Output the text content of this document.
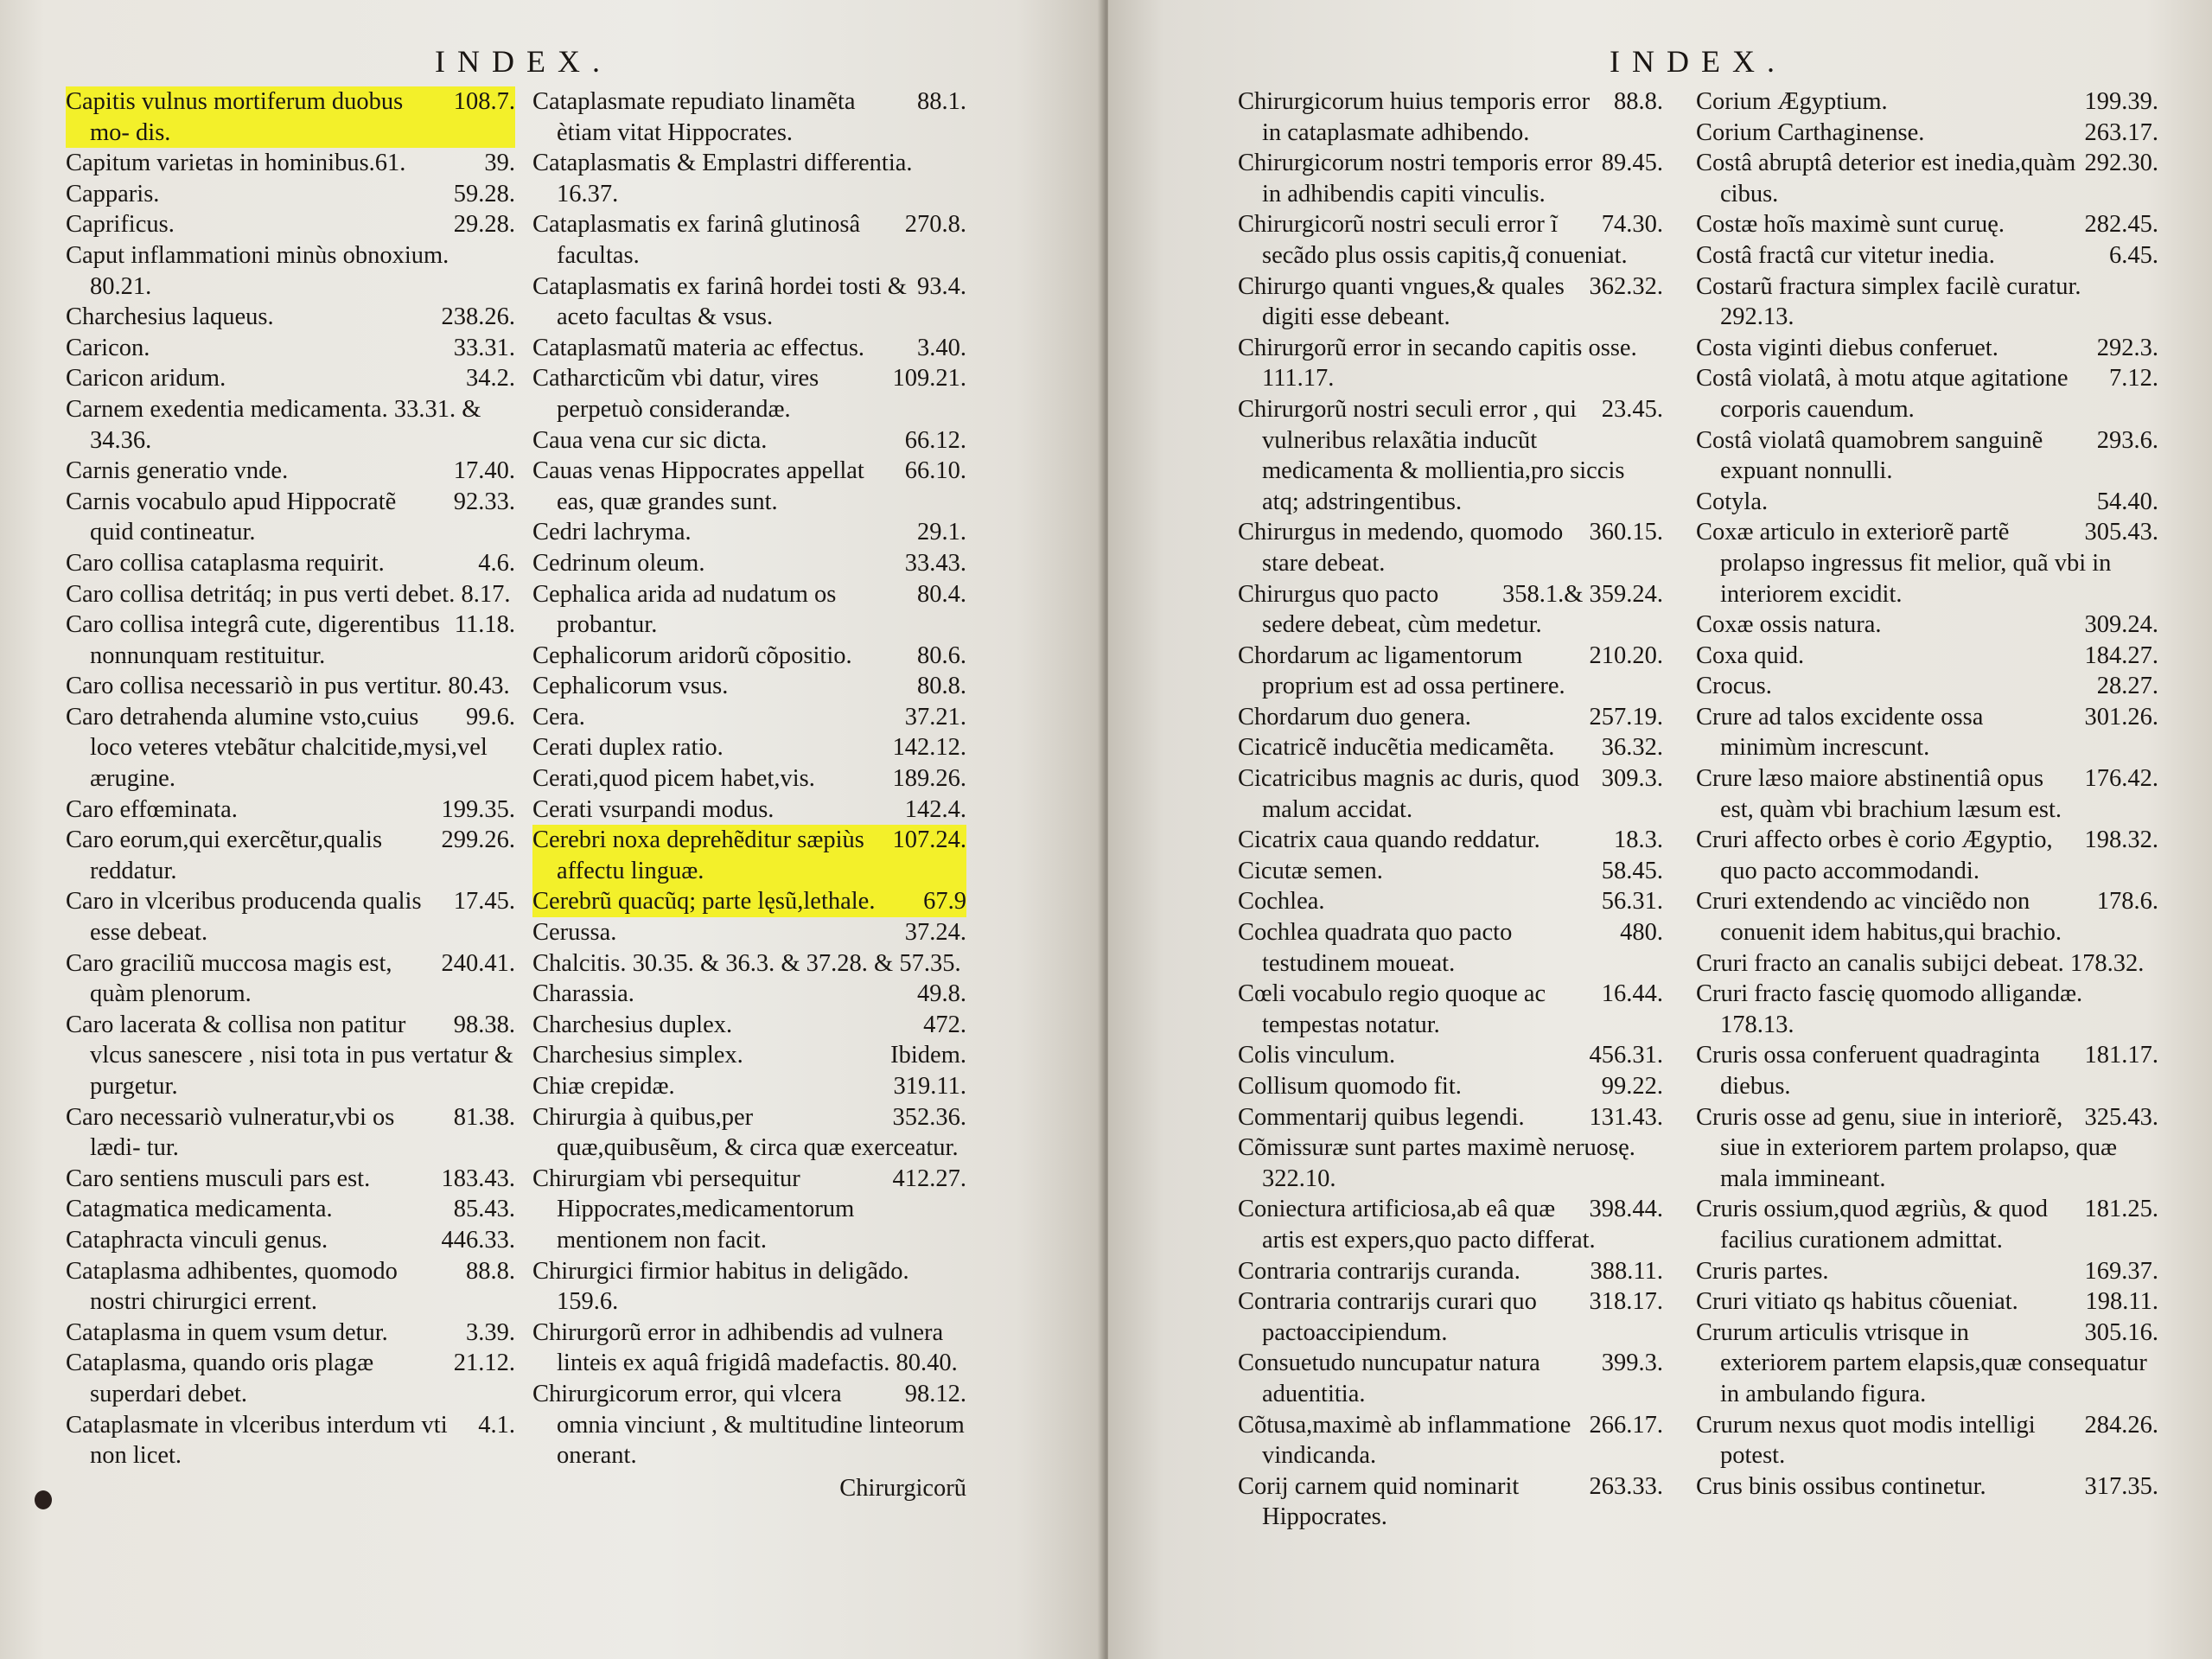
INDEX.
108.7.
Capitis vulnus mortiferum duobus mo- dis.
39.
Capitum varietas in hominibus.61.
59.28.
Capparis.
29.28.
Caprificus.
Caput inflammationi minùs obnoxium. 80.21.
238.26.
Charchesius laqueus.
33.31.
Caricon.
34.2.
Caricon aridum.
Carnem exedentia medicamenta. 33.31. & 34.36.
17.40.
Carnis generatio vnde.
92.33.
Carnis vocabulo apud Hippocratẽ quid contineatur.
4.6.
Caro collisa cataplasma requirit.
Caro collisa detritáq; in pus verti debet. 8.17.
11.18.
Caro collisa integrâ cute, digerentibus nonnunquam restituitur.
Caro collisa necessariò in pus vertitur. 80.43.
99.6.
Caro detrahenda alumine vsto,cuius loco veteres vtebãtur chalcitide,mysi,vel ærugine.
199.35.
Caro effœminata.
299.26.
Caro eorum,qui exercẽtur,qualis reddatur.
17.45.
Caro in vlceribus producenda qualis esse debeat.
240.41.
Caro graciliũ muccosa magis est, quàm plenorum.
98.38.
Caro lacerata & collisa non patitur vlcus sanescere , nisi tota in pus vertatur & purgetur.
81.38.
Caro necessariò vulneratur,vbi os lædi- tur.
183.43.
Caro sentiens musculi pars est.
85.43.
Catagmatica medicamenta.
446.33.
Cataphracta vinculi genus.
88.8.
Cataplasma adhibentes, quomodo nostri chirurgici errent.
3.39.
Cataplasma in quem vsum detur.
21.12.
Cataplasma, quando oris plagæ superdari debet.
4.1.
Cataplasmate in vlceribus interdum vti non licet.
88.1.
Cataplasmate repudiato linamẽta ètiam vitat Hippocrates.
Cataplasmatis & Emplastri differentia. 16.37.
270.8.
Cataplasmatis ex farinâ glutinosâ facultas.
93.4.
Cataplasmatis ex farinâ hordei tosti & aceto facultas & vsus.
3.40.
Cataplasmatũ materia ac effectus.
109.21.
Catharcticũm vbi datur, vires perpetuò considerandæ.
66.12.
Caua vena cur sic dicta.
66.10.
Cauas venas Hippocrates appellat eas, quæ grandes sunt.
29.1.
Cedri lachryma.
33.43.
Cedrinum oleum.
80.4.
Cephalica arida ad nudatum os probantur.
80.6.
Cephalicorum aridorũ cõpositio.
80.8.
Cephalicorum vsus.
37.21.
Cera.
142.12.
Cerati duplex ratio.
189.26.
Cerati,quod picem habet,vis.
142.4.
Cerati vsurpandi modus.
107.24.
Cerebri noxa deprehẽditur sæpiùs affectu linguæ.
67.9
Cerebrũ quacũq; parte lęsũ,lethale.
37.24.
Cerussa.
Chalcitis. 30.35. & 36.3. & 37.28. & 57.35.
49.8.
Charassia.
472.
Charchesius duplex.
Ibidem.
Charchesius simplex.
319.11.
Chiæ crepidæ.
352.36.
Chirurgia à quibus,per quæ,quibusẽum, & circa quæ exerceatur.
412.27.
Chirurgiam vbi persequitur Hippocrates,medicamentorum mentionem non facit.
Chirurgici firmior habitus in deligãdo. 159.6.
Chirurgorũ error in adhibendis ad vulnera linteis ex aquâ frigidâ madefactis. 80.40.
98.12.
Chirurgicorum error, qui vlcera omnia vinciunt , & multitudine linteorum onerant.
Chirurgicorũ
INDEX.
88.8.
Chirurgicorum huius temporis error in cataplasmate adhibendo.
89.45.
Chirurgicorum nostri temporis error in adhibendis capiti vinculis.
74.30.
Chirurgicorũ nostri seculi error ĩ secãdo plus ossis capitis,q̃ conueniat.
362.32.
Chirurgo quanti vngues,& quales digiti esse debeant.
Chirurgorũ error in secando capitis osse. 111.17.
23.45.
Chirurgorũ nostri seculi error , qui vulneribus relaxãtia inducũt medicamenta & mollientia,pro siccis atq; adstringentibus.
360.15.
Chirurgus in medendo, quomodo stare debeat.
358.1.& 359.24.
Chirurgus quo pacto sedere debeat, cùm medetur.
210.20.
Chordarum ac ligamentorum proprium est ad ossa pertinere.
257.19.
Chordarum duo genera.
36.32.
Cicatricẽ inducẽtia medicamẽta.
309.3.
Cicatricibus magnis ac duris, quod malum accidat.
18.3.
Cicatrix caua quando reddatur.
58.45.
Cicutæ semen.
56.31.
Cochlea.
480.
Cochlea quadrata quo pacto testudinem moueat.
16.44.
Cœli vocabulo regio quoque ac tempestas notatur.
456.31.
Colis vinculum.
99.22.
Collisum quomodo fit.
131.43.
Commentarij quibus legendi.
Cõmissuræ sunt partes maximè neruosę. 322.10.
398.44.
Coniectura artificiosa,ab eâ quæ artis est expers,quo pacto differat.
388.11.
Contraria contrarijs curanda.
318.17.
Contraria contrarijs curari quo pactoaccipiendum.
399.3.
Consuetudo nuncupatur natura aduentitia.
266.17.
Cõtusa,maximè ab inflammatione vindicanda.
263.33.
Corij carnem quid nominarit Hippocrates.
199.39.
Corium Ægyptium.
263.17.
Corium Carthaginense.
292.30.
Costâ abruptâ deterior est inedia,quàm cibus.
282.45.
Costæ hoĩs maximè sunt curuę.
6.45.
Costâ fractâ cur vitetur inedia.
Costarũ fractura simplex facilè curatur. 292.13.
292.3.
Costa viginti diebus conferuet.
7.12.
Costâ violatâ, à motu atque agitatione corporis cauendum.
293.6.
Costâ violatâ quamobrem sanguinẽ expuant nonnulli.
54.40.
Cotyla.
305.43.
Coxæ articulo in exteriorẽ partẽ prolapso ingressus fit melior, quã vbi in interiorem excidit.
309.24.
Coxæ ossis natura.
184.27.
Coxa quid.
28.27.
Crocus.
301.26.
Crure ad talos excidente ossa minimùm increscunt.
176.42.
Crure læso maiore abstinentiâ opus est, quàm vbi brachium læsum est.
198.32.
Cruri affecto orbes è corio Ægyptio, quo pacto accommodandi.
178.6.
Cruri extendendo ac vinciẽdo non conuenit idem habitus,qui brachio.
Cruri fracto an canalis subijci debeat. 178.32.
Cruri fracto fascię quomodo alligandæ. 178.13.
181.17.
Cruris ossa conferuent quadraginta diebus.
325.43.
Cruris osse ad genu, siue in interiorẽ, siue in exteriorem partem prolapso, quæ mala immineant.
181.25.
Cruris ossium,quod ægriùs, & quod facilius curationem admittat.
169.37.
Cruris partes.
198.11.
Cruri vitiato qs habitus cõueniat.
305.16.
Crurum articulis vtrisque in exteriorem partem elapsis,quæ consequatur in ambulando figura.
284.26.
Crurum nexus quot modis intelligi potest.
317.35.
Crus binis ossibus continetur.
